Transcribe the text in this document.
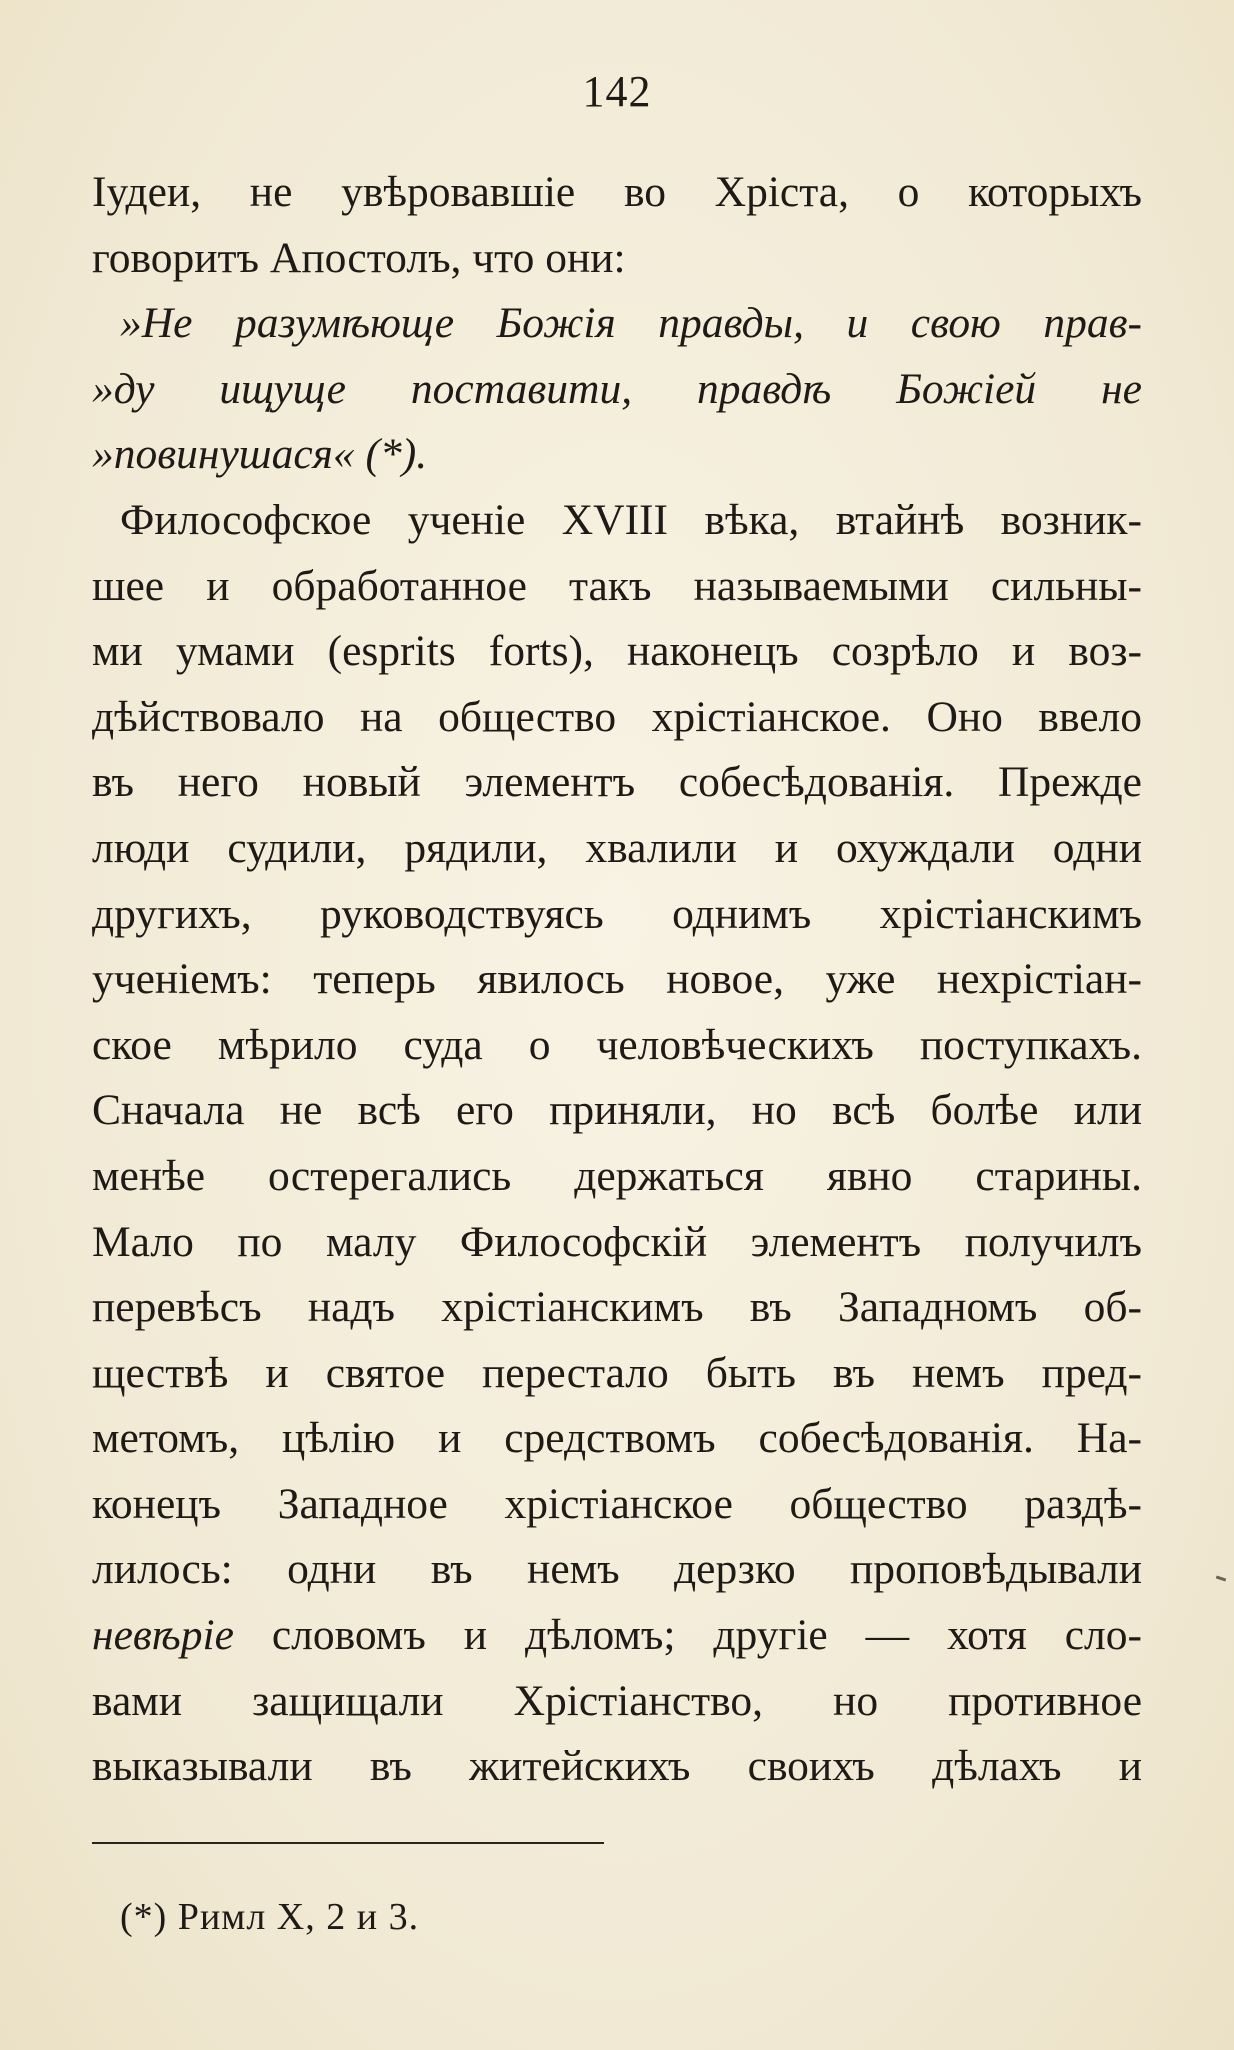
142
Іудеи, не увѣровавшіе во Хріста, о которыхъ
говоритъ Апостолъ, что они:
»Не разумѣюще Божія правды, и свою прав-
»ду ищуще поставити, правдѣ Божіей не
»повинушася« (*).
Философское ученіе XVIII вѣка, втайнѣ возник-
шее и обработанное такъ называемыми сильны-
ми умами (esprits forts), наконецъ созрѣло и воз-
дѣйствовало на общество хрістіанское. Оно ввело
въ него новый элементъ собесѣдованія. Прежде
люди судили, рядили, хвалили и охуждали одни
другихъ, руководствуясь однимъ хрістіанскимъ
ученіемъ: теперь явилось новое, уже нехрістіан-
ское мѣрило суда о человѣческихъ поступкахъ.
Сначала не всѣ его приняли, но всѣ болѣе или
менѣе остерегались держаться явно старины.
Мало по малу Философскій элементъ получилъ
перевѣсъ надъ хрістіанскимъ въ Западномъ об-
ществѣ и святое перестало быть въ немъ пред-
метомъ, цѣлію и средствомъ собесѣдованія. На-
конецъ Западное хрістіанское общество раздѣ-
лилось: одни въ немъ дерзко проповѣдывали
невѣріе словомъ и дѣломъ; другіе — хотя сло-
вами защищали Хрістіанство, но противное
выказывали въ житейскихъ своихъ дѣлахъ и
(*) Римл X, 2 и 3.
